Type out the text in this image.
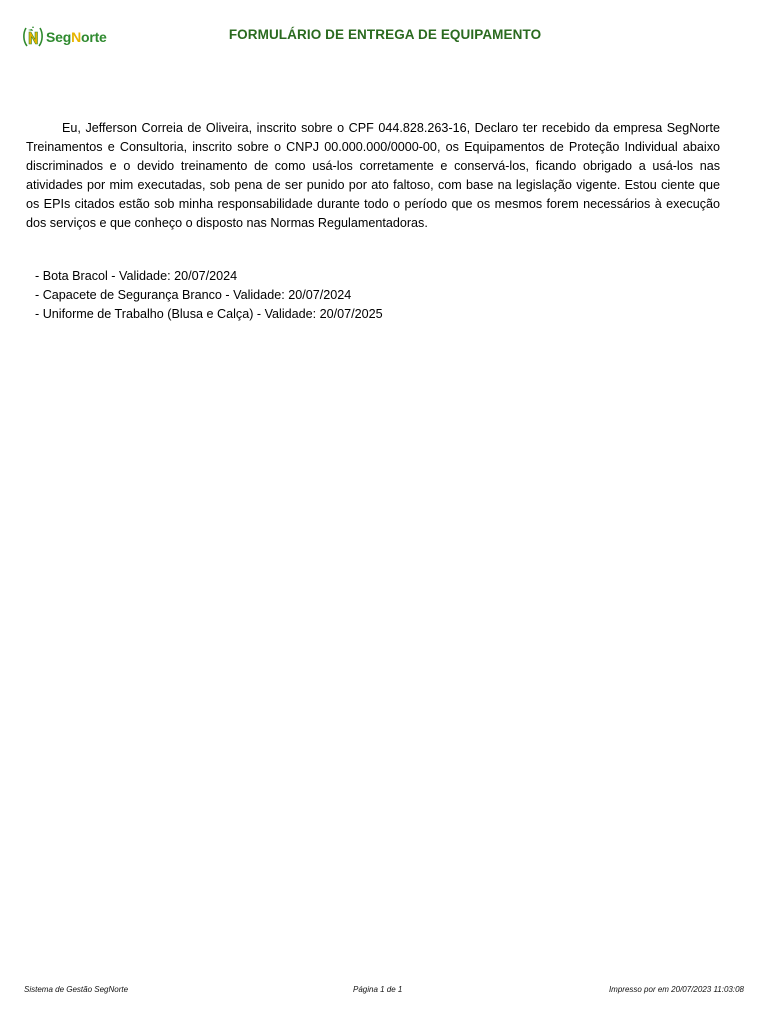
SegNorte	FORMULÁRIO DE ENTREGA DE EQUIPAMENTO

Eu, Jefferson Correia de Oliveira, inscrito sobre o CPF 044.828.263-16, Declaro ter recebido da empresa SegNorte Treinamentos e Consultoria, inscrito sobre o CNPJ 00.000.000/0000-00, os Equipamentos de Proteção Individual abaixo discriminados e o devido treinamento de como usá-los corretamente e conservá-los, ficando obrigado a usá-los nas atividades por mim executadas, sob pena de ser punido por ato faltoso, com base na legislação vigente. Estou ciente que os EPIs citados estão sob minha responsabilidade durante todo o período que os mesmos forem necessários à execução dos serviços e que conheço o disposto nas Normas Regulamentadoras.

- Bota Bracol - Validade: 20/07/2024
- Capacete de Segurança Branco - Validade: 20/07/2024
- Uniforme de Trabalho (Blusa e Calça) - Validade: 20/07/2025
Sistema de Gestão SegNorte	Página 1 de 1	Impresso por em 20/07/2023 11:03:08
